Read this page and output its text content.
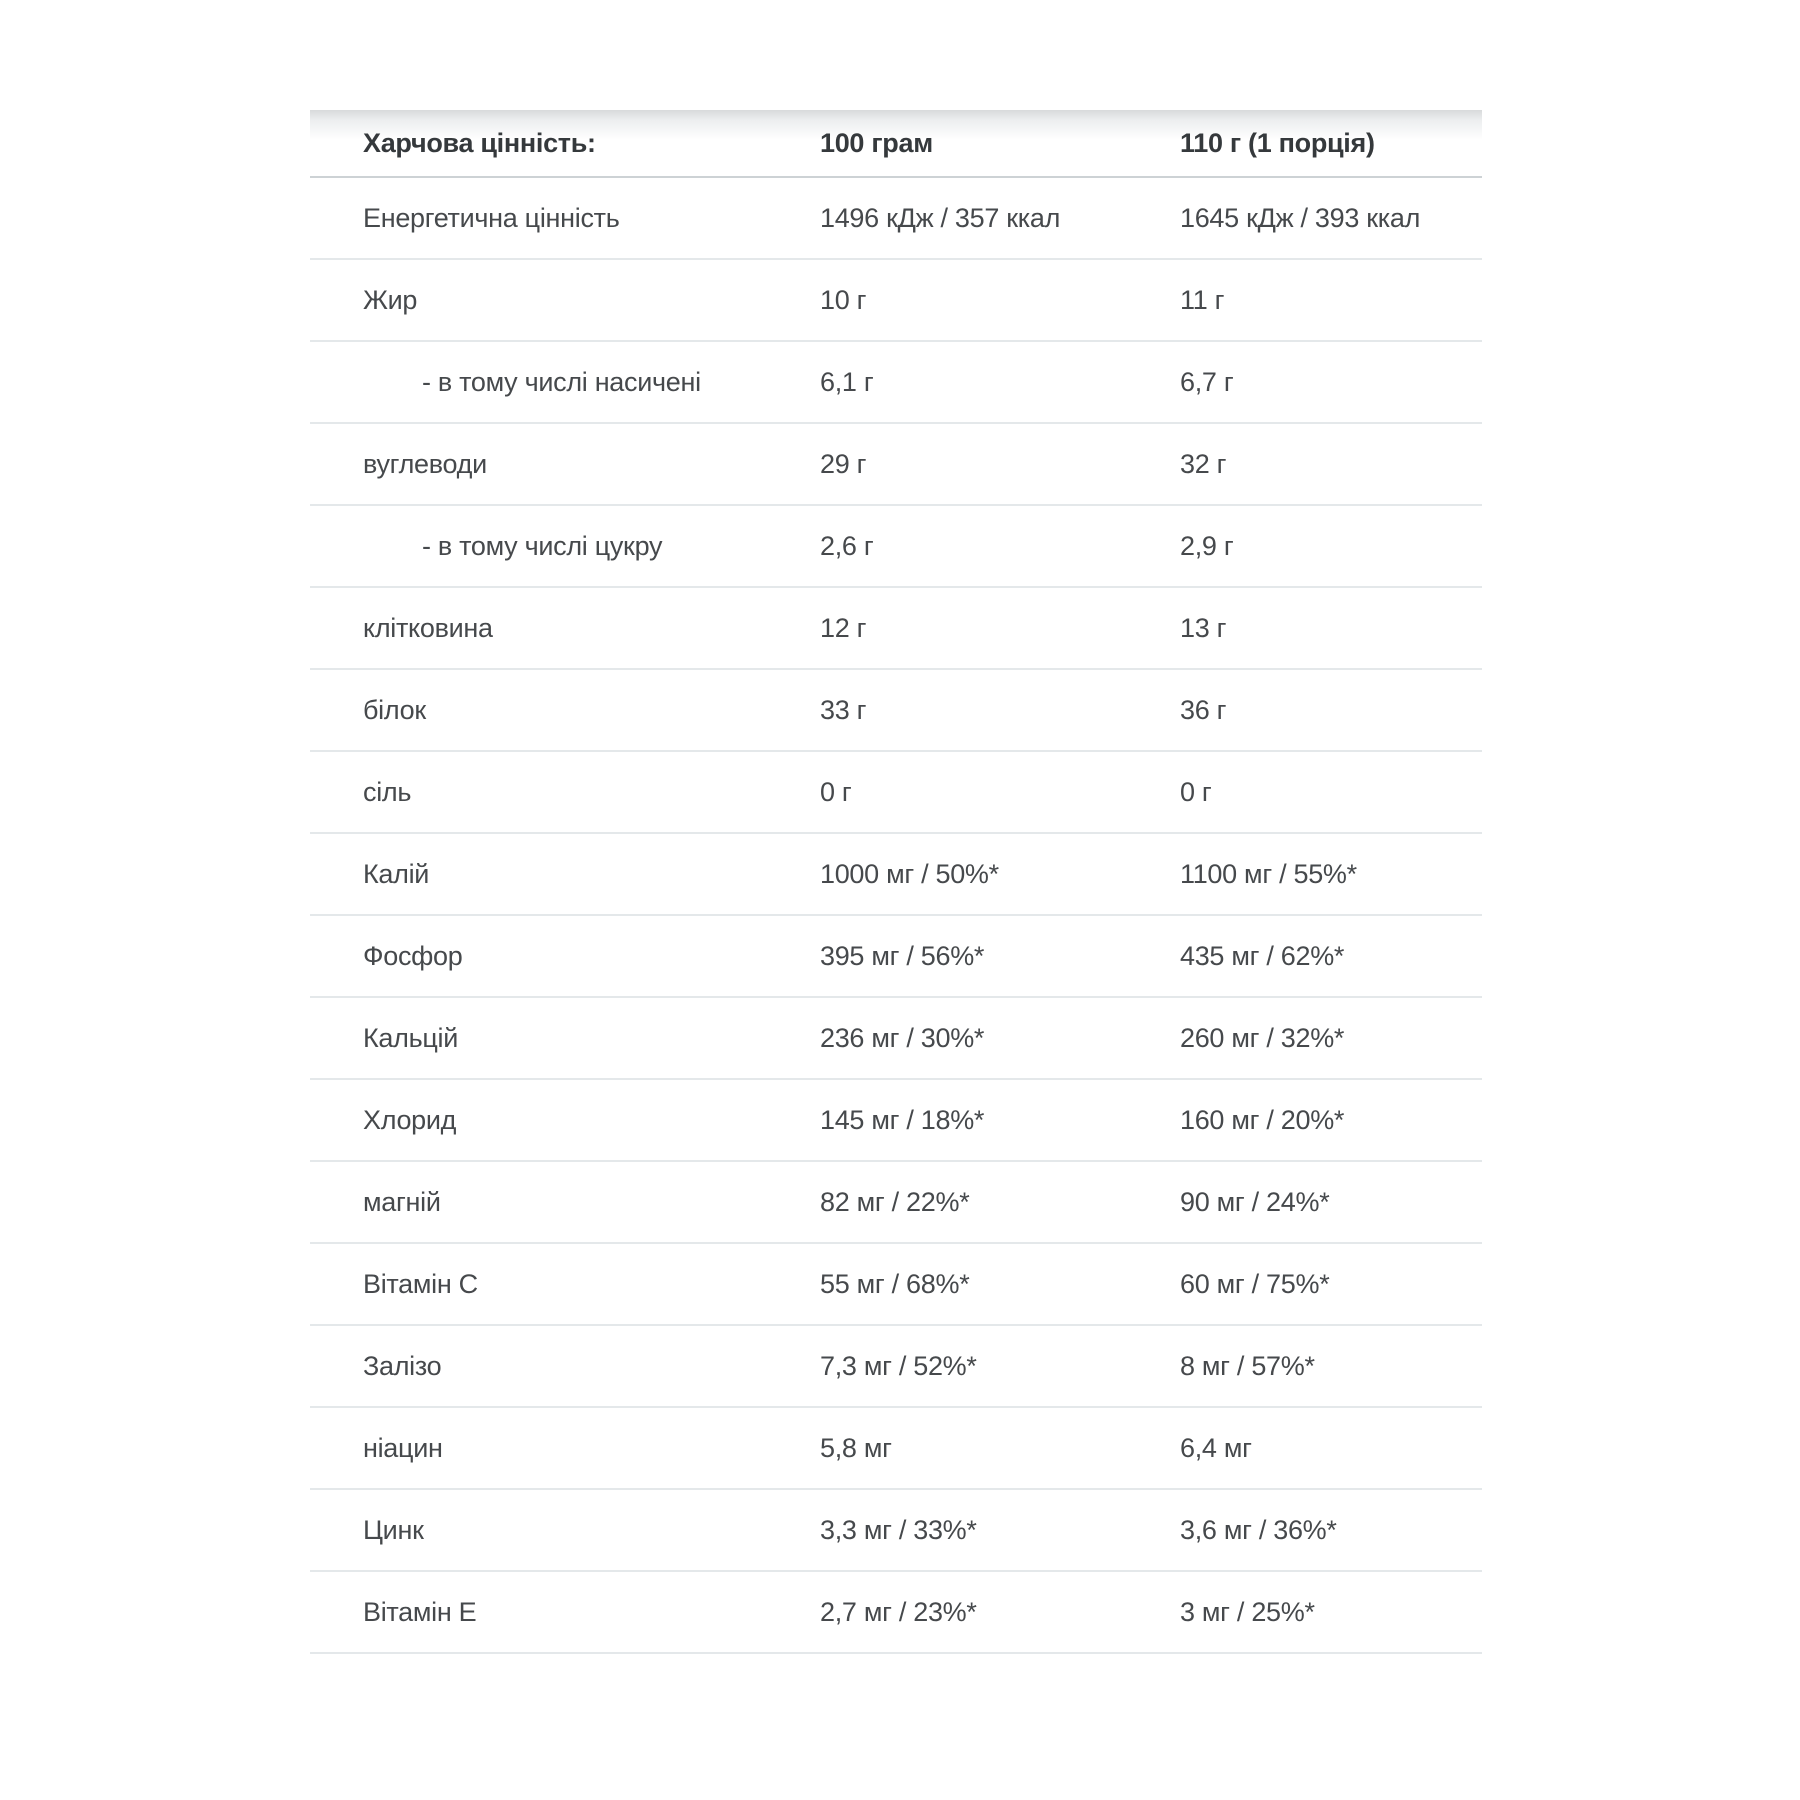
Харчова цінність:	100 грам	110 г (1 порція)
Енергетична цінність	1496 кДж / 357 ккал	1645 кДж / 393 ккал
Жир	10 г	11 г
- в тому числі насичені	6,1 г	6,7 г
вуглеводи	29 г	32 г
- в тому числі цукру	2,6 г	2,9 г
клітковина	12 г	13 г
білок	33 г	36 г
сіль	0 г	0 г
Калій	1000 мг / 50%*	1100 мг / 55%*
Фосфор	395 мг / 56%*	435 мг / 62%*
Кальцій	236 мг / 30%*	260 мг / 32%*
Хлорид	145 мг / 18%*	160 мг / 20%*
магній	82 мг / 22%*	90 мг / 24%*
Вітамін C	55 мг / 68%*	60 мг / 75%*
Залізо	7,3 мг / 52%*	8 мг / 57%*
ніацин	5,8 мг	6,4 мг
Цинк	3,3 мг / 33%*	3,6 мг / 36%*
Вітамін Е	2,7 мг / 23%*	3 мг / 25%*
